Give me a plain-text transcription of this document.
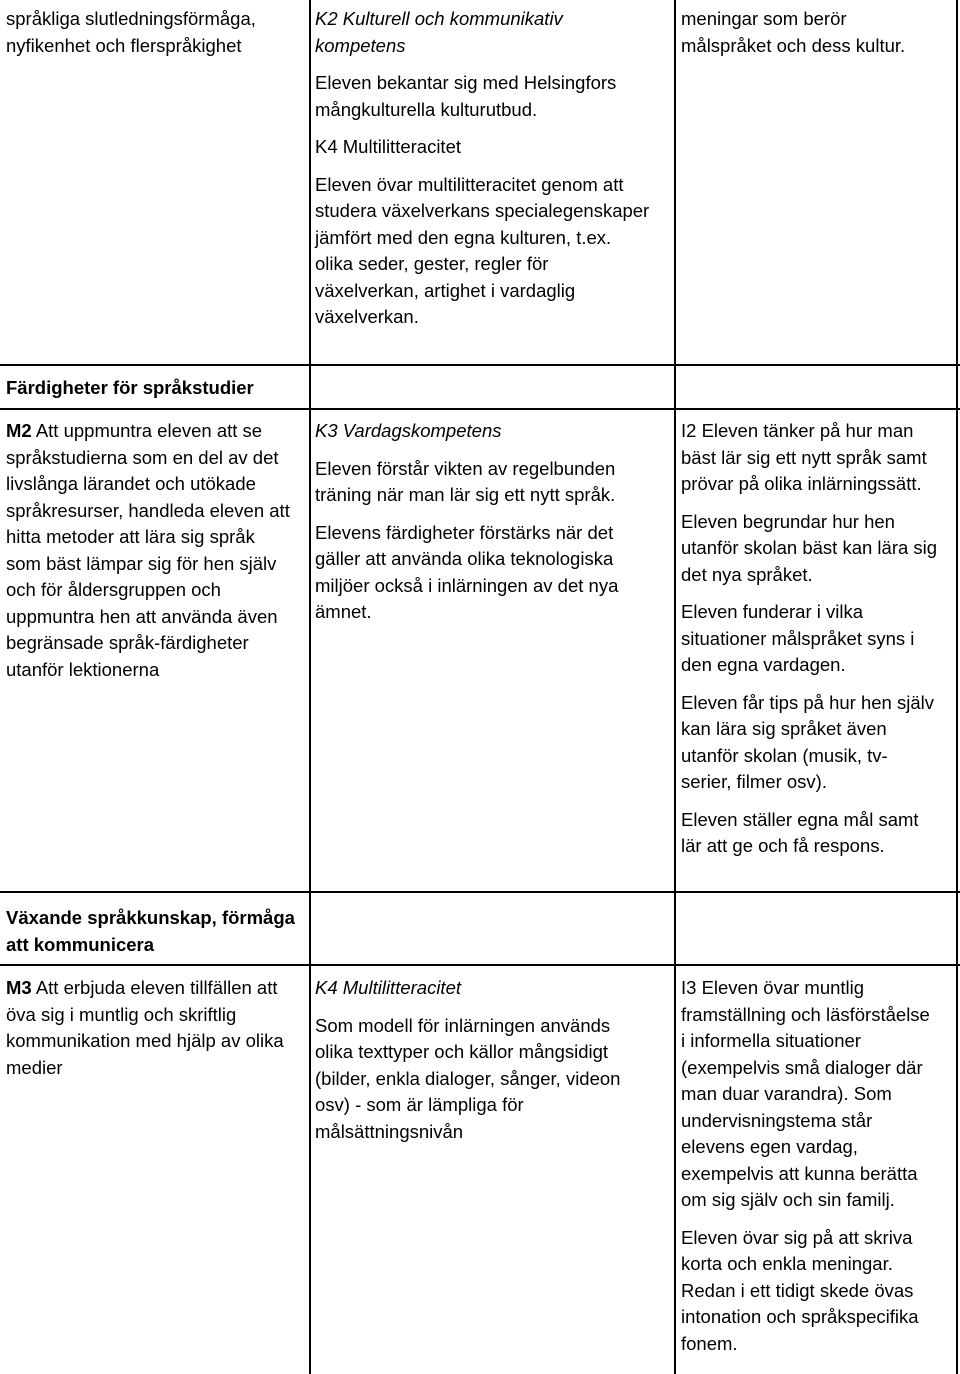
språkliga slutledningsförmåga,

nyfikenhet och flerspråkighet

K2 Kulturell och kommunikativ

kompetens

Eleven bekantar sig med Helsingfors

mångkulturella kulturutbud.

K4 Multilitteracitet

Eleven övar multilitteracitet genom att

studera växelverkans specialegenskaper

jämfört med den egna kulturen, t.ex.

olika seder, gester, regler för

växelverkan, artighet i vardaglig

växelverkan.

meningar som berör

målspråket och dess kultur.

Färdigheter för språkstudier

M2 Att uppmuntra eleven att se

språkstudierna som en del av det

livslånga lärandet och utökade

språkresurser, handleda eleven att

hitta metoder att lära sig språk

som bäst lämpar sig för hen själv

och för åldersgruppen och

uppmuntra hen att använda även

begränsade språk-färdigheter

utanför lektionerna

K3 Vardagskompetens

Eleven förstår vikten av regelbunden

träning när man lär sig ett nytt språk.

Elevens färdigheter förstärks när det

gäller att använda olika teknologiska

miljöer också i inlärningen av det nya

ämnet.

I2 Eleven tänker på hur man

bäst lär sig ett nytt språk samt

prövar på olika inlärningssätt.

Eleven begrundar hur hen

utanför skolan bäst kan lära sig

det nya språket.

Eleven funderar i vilka

situationer målspråket syns i

den egna vardagen.

Eleven får tips på hur hen själv

kan lära sig språket även

utanför skolan (musik, tv-

serier, filmer osv).

Eleven ställer egna mål samt

lär att ge och få respons.

Växande språkkunskap, förmåga

att kommunicera

M3 Att erbjuda eleven tillfällen att

öva sig i muntlig och skriftlig

kommunikation med hjälp av olika

medier

K4 Multilitteracitet

Som modell för inlärningen används

olika texttyper och källor mångsidigt

(bilder, enkla dialoger, sånger, videon

osv) - som är lämpliga för

målsättningsnivån

I3 Eleven övar muntlig

framställning och läsförståelse

i informella situationer

(exempelvis små dialoger där

man duar varandra). Som

undervisningstema står

elevens egen vardag,

exempelvis att kunna berätta

om sig själv och sin familj.

Eleven övar sig på att skriva

korta och enkla meningar.

Redan i ett tidigt skede övas

intonation och språkspecifika

fonem.
